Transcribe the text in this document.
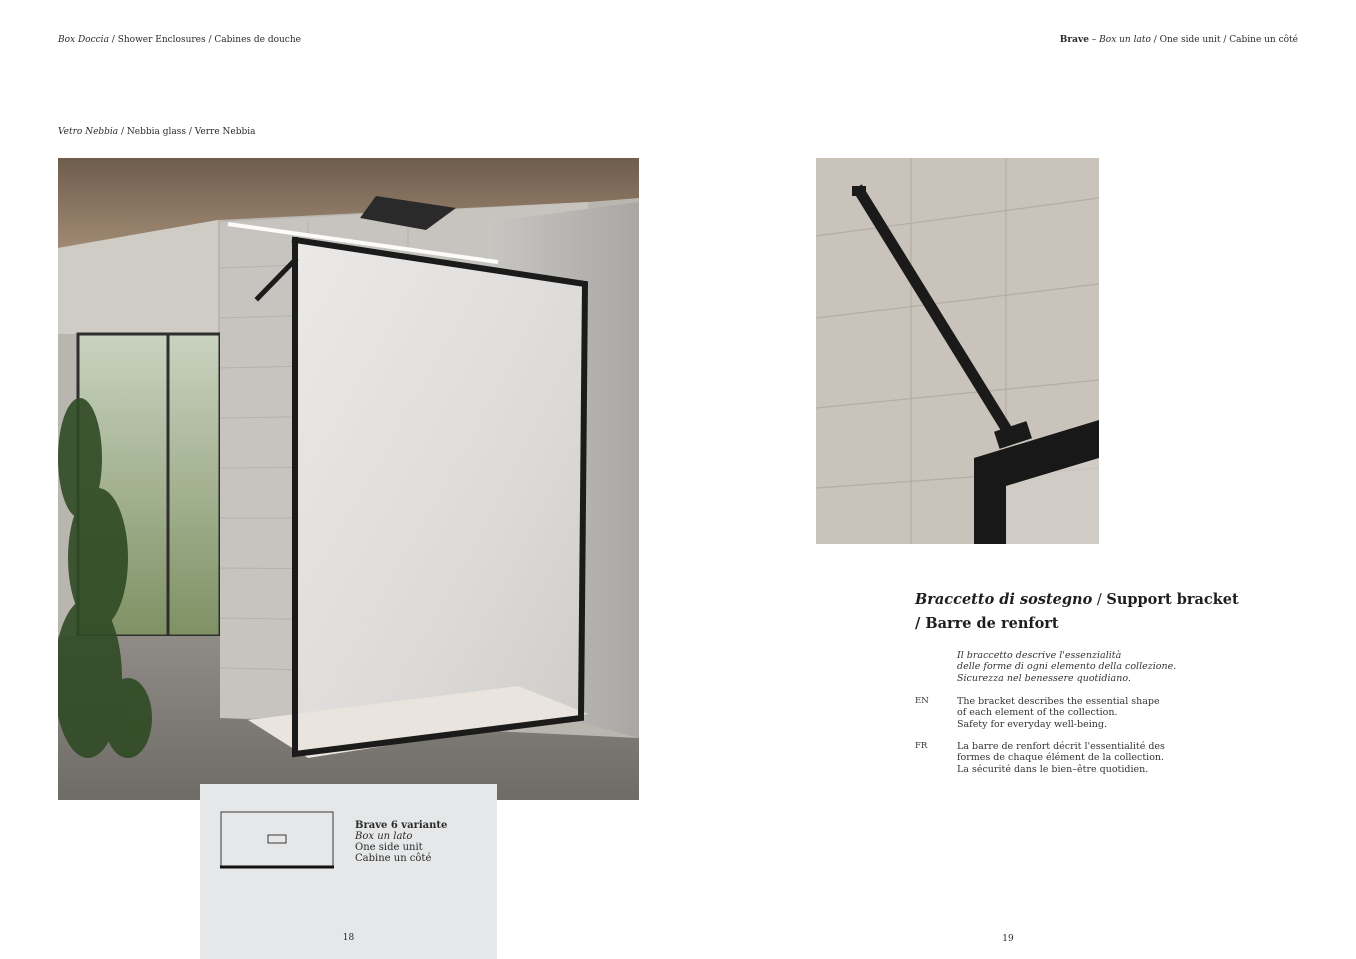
Box Doccia / Shower Enclosures / Cabines de douche	Brave – Box un lato / One side unit / Cabine un côté
Vetro Nebbia / Nebbia glass / Verre Nebbia
Brave 6 variante
Box un lato
One side unit
Cabine un côté
18	19
Braccetto di sostegno / Support bracket
/ Barre de renfort
Il braccetto descrive l'essenzialità
delle forme di ogni elemento della collezione.
Sicurezza nel benessere quotidiano.
EN	The bracket describes the essential shape
of each element of the collection.
Safety for everyday well-being.
FR	La barre de renfort décrit l'essentialité des
formes de chaque élément de la collection.
La sécurité dans le bien–être quotidien.
